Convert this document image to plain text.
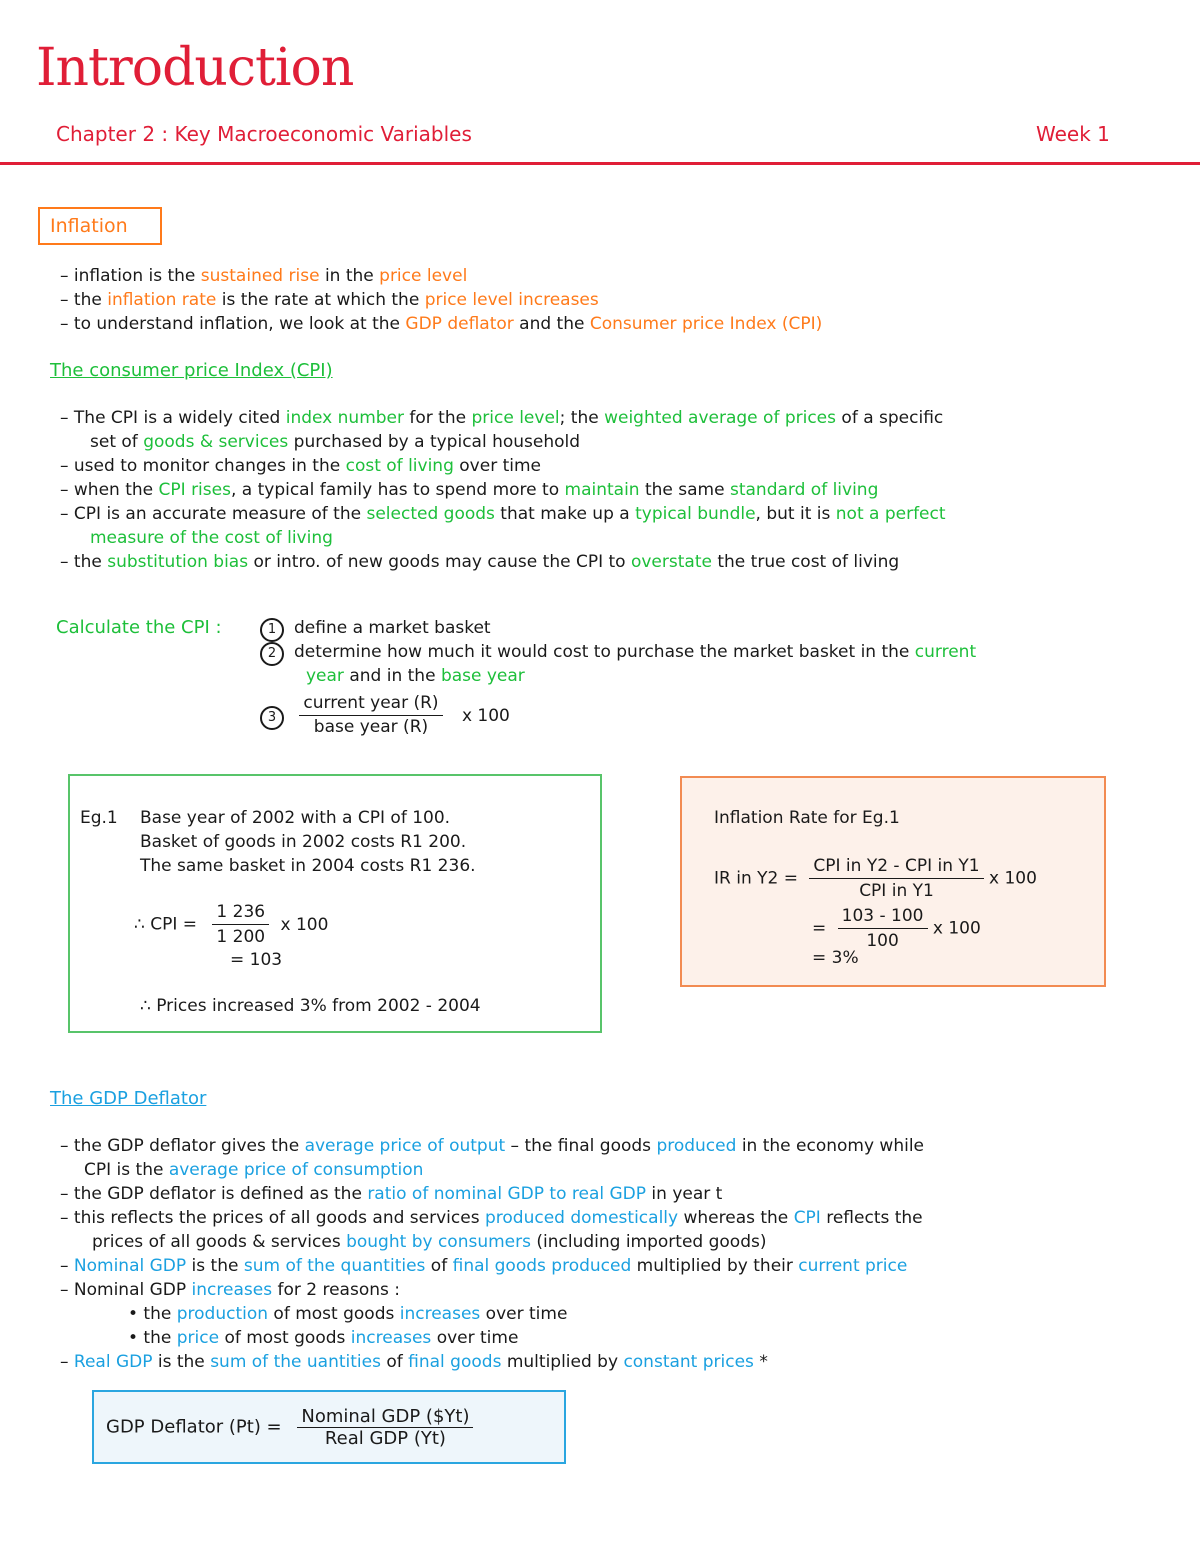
Introduction
Chapter 2 : Key Macroeconomic Variables	Week 1
Inflation
– inflation is the sustained rise in the price level
– the inflation rate is the rate at which the price level increases
– to understand inflation, we look at the GDP deflator and the Consumer price Index (CPI)
The consumer price Index (CPI)
– The CPI is a widely cited index number for the price level; the weighted average of prices of a specific
set of goods & services purchased by a typical household
– used to monitor changes in the cost of living over time
– when the CPI rises, a typical family has to spend more to maintain the same standard of living
– CPI is an accurate measure of the selected goods that make up a typical bundle, but it is not a perfect
measure of the cost of living
– the substitution bias or intro. of new goods may cause the CPI to overstate the true cost of living
Calculate the CPI :	1 define a market basket
2 determine how much it would cost to purchase the market basket in the current
year and in the base year
$3 \frac{\text{current year (R)}}{\text{base year (R)}}$ x 100
Eg.1 Base year of 2002 with a CPI of 100.
Basket of goods in 2002 costs R1 200.
The same basket in 2004 costs R1 236.
∴ CPI = $\frac{1 236}{1 200}$ x 100
= 103
∴ Prices increased 3% from 2002 - 2004
Inflation Rate for Eg.1
IR in $Y2 = \frac{\text{CPI in Y2 - CPI in Y1}}{\text{CPI in Y1}}$ x 100
= $\frac{103 - 100}{100}$ x 100
= 3%
The GDP Deflator
– the GDP deflator gives the average price of output – the final goods produced in the economy while
CPI is the average price of consumption
– the GDP deflator is defined as the ratio of nominal GDP to real GDP in year t
– this reflects the prices of all goods and services produced domestically whereas the CPI reflects the
prices of all goods & services bought by consumers (including imported goods)
– Nominal GDP is the sum of the quantities of final goods produced multiplied by their current price
– Nominal GDP increases for 2 reasons :
• the production of most goods increases over time
• the price of most goods increases over time
– Real GDP is the sum of the uantities of final goods multiplied by constant prices *
GDP Deflator $(Pt) = \frac{\text{Nominal GDP (\$Yt)}}{\text{Real GDP (Yt)}}$
